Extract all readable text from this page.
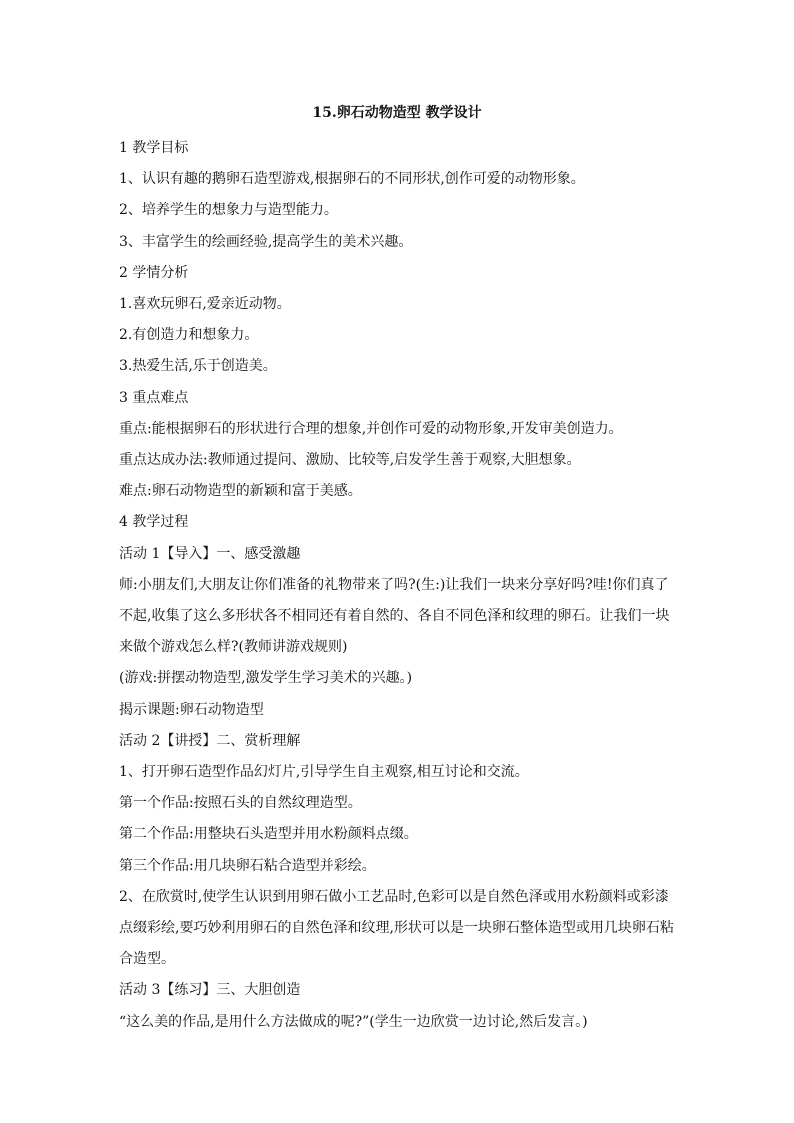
15.卵石动物造型 教学设计

1 教学目标

1、认识有趣的鹅卵石造型游戏,根据卵石的不同形状,创作可爱的动物形象。

2、培养学生的想象力与造型能力。

3、丰富学生的绘画经验,提高学生的美术兴趣。

2 学情分析

1.喜欢玩卵石,爱亲近动物。

2.有创造力和想象力。

3.热爱生活,乐于创造美。

3 重点难点

重点:能根据卵石的形状进行合理的想象,并创作可爱的动物形象,开发审美创造力。

重点达成办法:教师通过提问、激励、比较等,启发学生善于观察,大胆想象。

难点:卵石动物造型的新颖和富于美感。

4 教学过程

活动 1【导入】一、感受激趣

师:小朋友们,大朋友让你们准备的礼物带来了吗?(生:)让我们一块来分享好吗?哇!你们真了不起,收集了这么多形状各不相同还有着自然的、各自不同色泽和纹理的卵石。让我们一块来做个游戏怎么样?(教师讲游戏规则)

(游戏:拼摆动物造型,激发学生学习美术的兴趣。)

揭示课题:卵石动物造型

活动 2【讲授】二、赏析理解

1、打开卵石造型作品幻灯片,引导学生自主观察,相互讨论和交流。

第一个作品:按照石头的自然纹理造型。

第二个作品:用整块石头造型并用水粉颜料点缀。

第三个作品:用几块卵石粘合造型并彩绘。

2、在欣赏时,使学生认识到用卵石做小工艺品时,色彩可以是自然色泽或用水粉颜料或彩漆点缀彩绘,要巧妙利用卵石的自然色泽和纹理,形状可以是一块卵石整体造型或用几块卵石粘合造型。

活动 3【练习】三、大胆创造

“这么美的作品,是用什么方法做成的呢?”(学生一边欣赏一边讨论,然后发言。)
